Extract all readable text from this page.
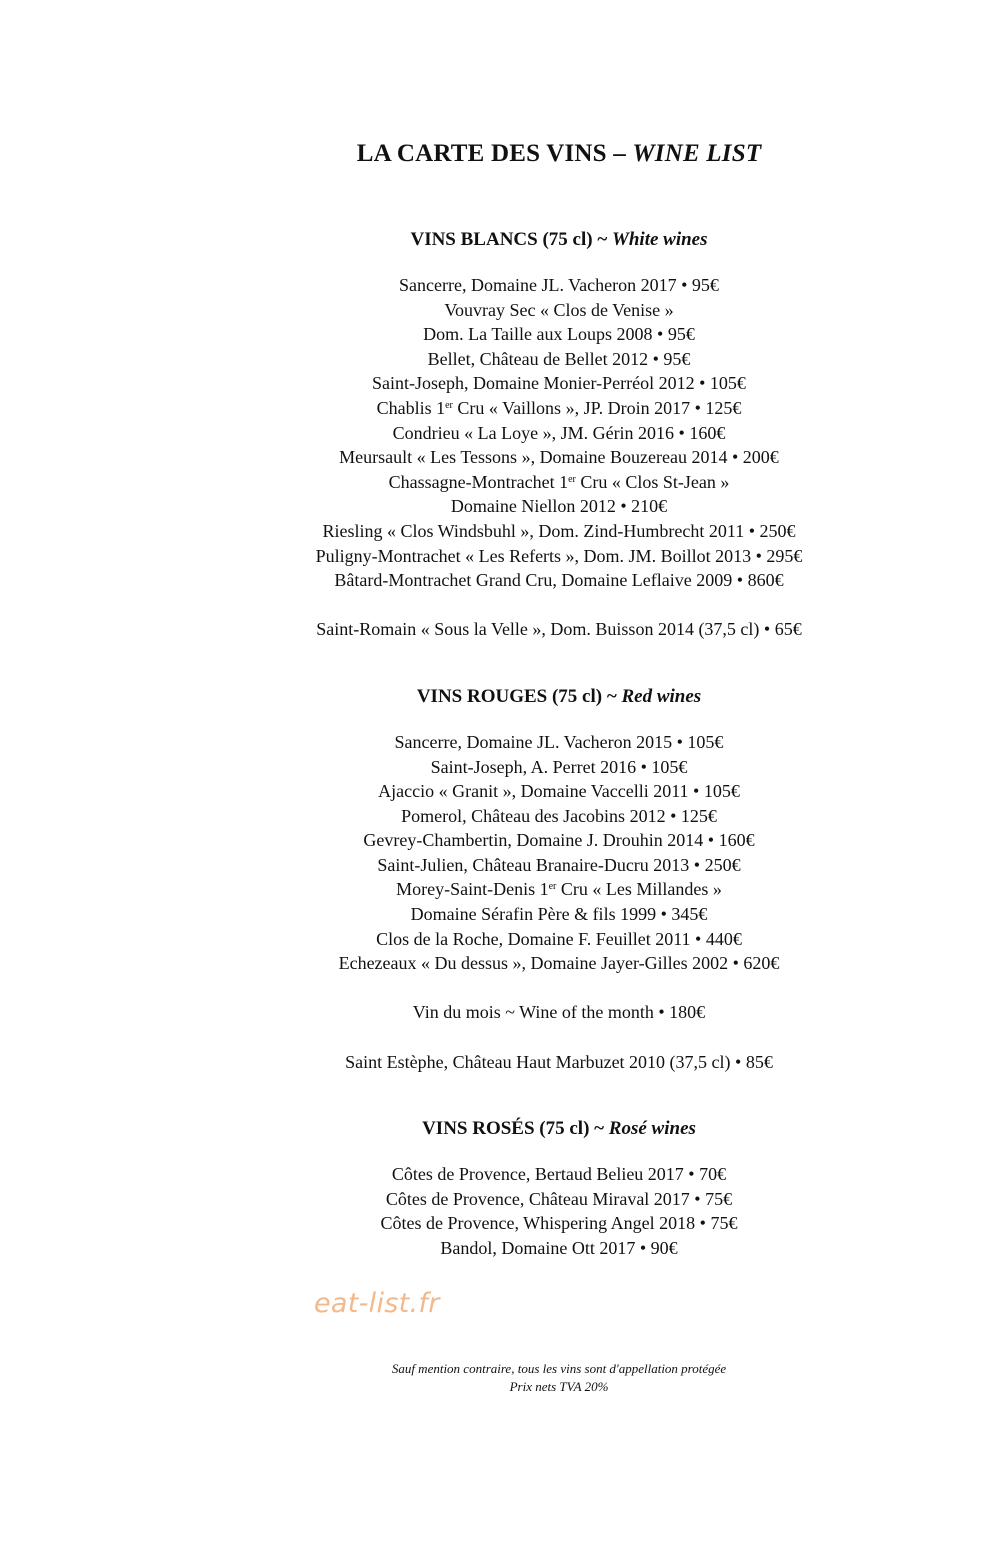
LA CARTE DES VINS – WINE LIST
VINS BLANCS (75 cl) ~ White wines
Sancerre, Domaine JL. Vacheron 2017 • 95€
Vouvray Sec « Clos de Venise »
Dom. La Taille aux Loups 2008 • 95€
Bellet, Château de Bellet 2012 • 95€
Saint-Joseph, Domaine Monier-Perréol 2012 • 105€
Chablis 1er Cru « Vaillons », JP. Droin 2017 • 125€
Condrieu « La Loye », JM. Gérin 2016 • 160€
Meursault « Les Tessons », Domaine Bouzereau 2014 • 200€
Chassagne-Montrachet 1er Cru « Clos St-Jean »
Domaine Niellon 2012 • 210€
Riesling « Clos Windsbuhl », Dom. Zind-Humbrecht 2011 • 250€
Puligny-Montrachet « Les Referts », Dom. JM. Boillot 2013 • 295€
Bâtard-Montrachet Grand Cru, Domaine Leflaive 2009 • 860€
Saint-Romain « Sous la Velle », Dom. Buisson 2014 (37,5 cl) • 65€
VINS ROUGES (75 cl) ~ Red wines
Sancerre, Domaine JL. Vacheron 2015 • 105€
Saint-Joseph, A. Perret 2016 • 105€
Ajaccio « Granit », Domaine Vaccelli 2011 • 105€
Pomerol, Château des Jacobins 2012 • 125€
Gevrey-Chambertin, Domaine J. Drouhin 2014 • 160€
Saint-Julien, Château Branaire-Ducru 2013 • 250€
Morey-Saint-Denis 1er Cru « Les Millandes »
Domaine Sérafin Père & fils 1999 • 345€
Clos de la Roche, Domaine F. Feuillet 2011 • 440€
Echezeaux « Du dessus », Domaine Jayer-Gilles 2002 • 620€
Vin du mois ~ Wine of the month • 180€
Saint Estèphe, Château Haut Marbuzet 2010 (37,5 cl) • 85€
VINS ROSÉS (75 cl) ~ Rosé wines
Côtes de Provence, Bertaud Belieu 2017 • 70€
Côtes de Provence, Château Miraval 2017 • 75€
Côtes de Provence, Whispering Angel 2018 • 75€
Bandol, Domaine Ott 2017 • 90€
eat-list.fr
Sauf mention contraire, tous les vins sont d'appellation protégée
Prix nets TVA 20%
